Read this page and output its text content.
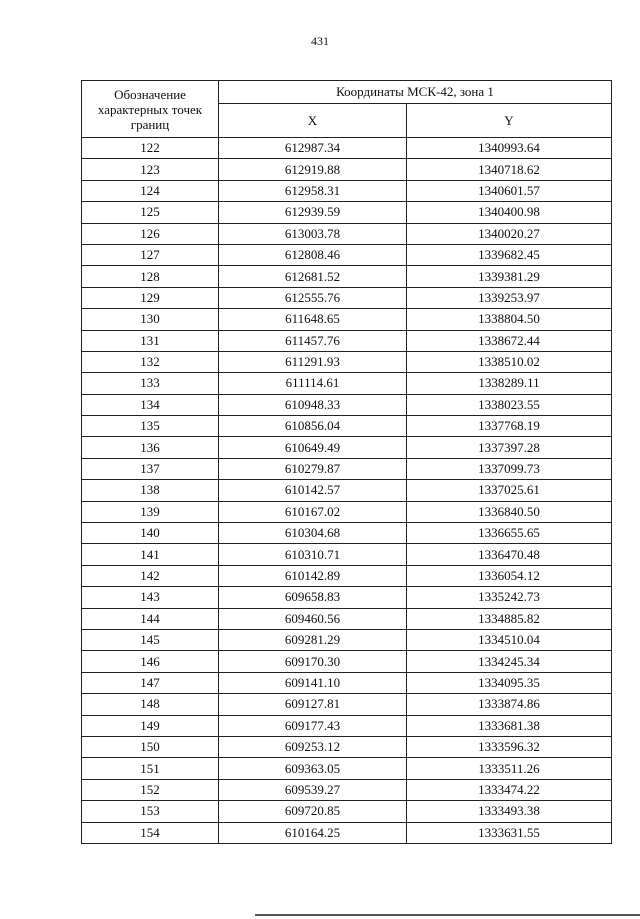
431
Обозначение характерных точек границ	Координаты МСК-42, зона 1	
	X	Y
122	612987.34	1340993.64
123	612919.88	1340718.62
124	612958.31	1340601.57
125	612939.59	1340400.98
126	613003.78	1340020.27
127	612808.46	1339682.45
128	612681.52	1339381.29
129	612555.76	1339253.97
130	611648.65	1338804.50
131	611457.76	1338672.44
132	611291.93	1338510.02
133	611114.61	1338289.11
134	610948.33	1338023.55
135	610856.04	1337768.19
136	610649.49	1337397.28
137	610279.87	1337099.73
138	610142.57	1337025.61
139	610167.02	1336840.50
140	610304.68	1336655.65
141	610310.71	1336470.48
142	610142.89	1336054.12
143	609658.83	1335242.73
144	609460.56	1334885.82
145	609281.29	1334510.04
146	609170.30	1334245.34
147	609141.10	1334095.35
148	609127.81	1333874.86
149	609177.43	1333681.38
150	609253.12	1333596.32
151	609363.05	1333511.26
152	609539.27	1333474.22
153	609720.85	1333493.38
154	610164.25	1333631.55
